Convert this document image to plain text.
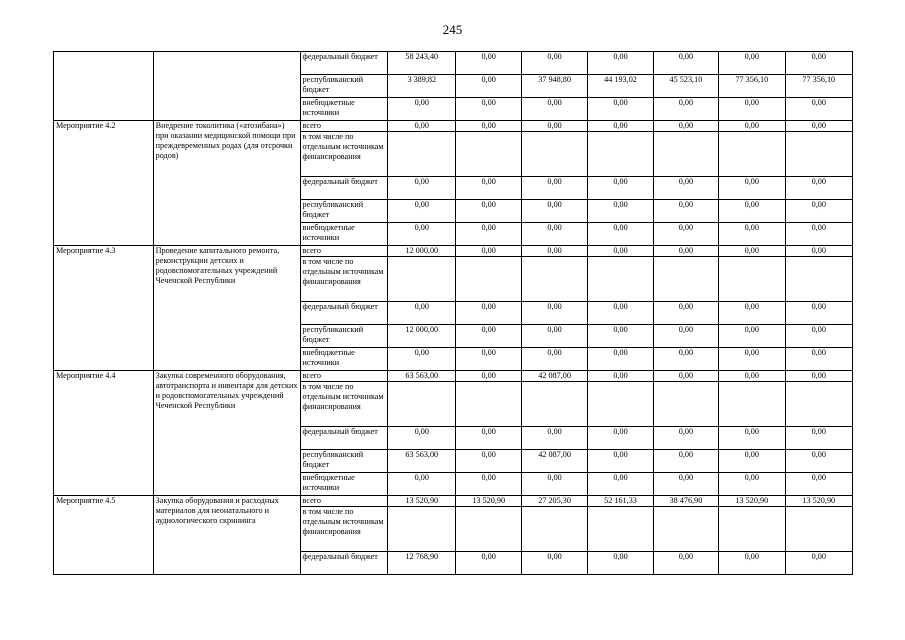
245
		федеральный бюджет	58 243,40	0,00	0,00	0,00	0,00	0,00	0,00
		республиканский бюджет	3 389,82	0,00	37 948,80	44 193,02	45 523,10	77 356,10	77 356,10
		внебюджетные источники	0,00	0,00	0,00	0,00	0,00	0,00	0,00
Мероприятие 4.2	Внедрение токолитика («атозибана») при оказании медицинской помощи при преждевременных родах (для отсрочки родов)	всего	0,00	0,00	0,00	0,00	0,00	0,00	0,00
		в том числе по отдельным источникам финансирования							
		федеральный бюджет	0,00	0,00	0,00	0,00	0,00	0,00	0,00
		республиканский бюджет	0,00	0,00	0,00	0,00	0,00	0,00	0,00
		внебюджетные источники	0,00	0,00	0,00	0,00	0,00	0,00	0,00
Мероприятие 4.3	Проведение капитального ремонта, реконструкции детских и родовспомогательных учреждений Чеченской Республики	всего	12 000,00	0,00	0,00	0,00	0,00	0,00	0,00
		в том числе по отдельным источникам финансирования							
		федеральный бюджет	0,00	0,00	0,00	0,00	0,00	0,00	0,00
		республиканский бюджет	12 000,00	0,00	0,00	0,00	0,00	0,00	0,00
		внебюджетные источники	0,00	0,00	0,00	0,00	0,00	0,00	0,00
Мероприятие 4.4	Закупка современного оборудования, автотранспорта и инвентаря для детских и родовспомогательных учреждений Чеченской Республики	всего	63 563,00	0,00	42 087,00	0,00	0,00	0,00	0,00
		в том числе по отдельным источникам финансирования							
		федеральный бюджет	0,00	0,00	0,00	0,00	0,00	0,00	0,00
		республиканский бюджет	63 563,00	0,00	42 087,00	0,00	0,00	0,00	0,00
		внебюджетные источники	0,00	0,00	0,00	0,00	0,00	0,00	0,00
Мероприятие 4.5	Закупка оборудования и расходных материалов для неонатального и аудиологического скрининга	всего	13 520,90	13 520,90	27 205,30	52 161,33	38 476,90	13 520,90	13 520,90
		в том числе по отдельным источникам финансирования							
		федеральный бюджет	12 768,90	0,00	0,00	0,00	0,00	0,00	0,00
